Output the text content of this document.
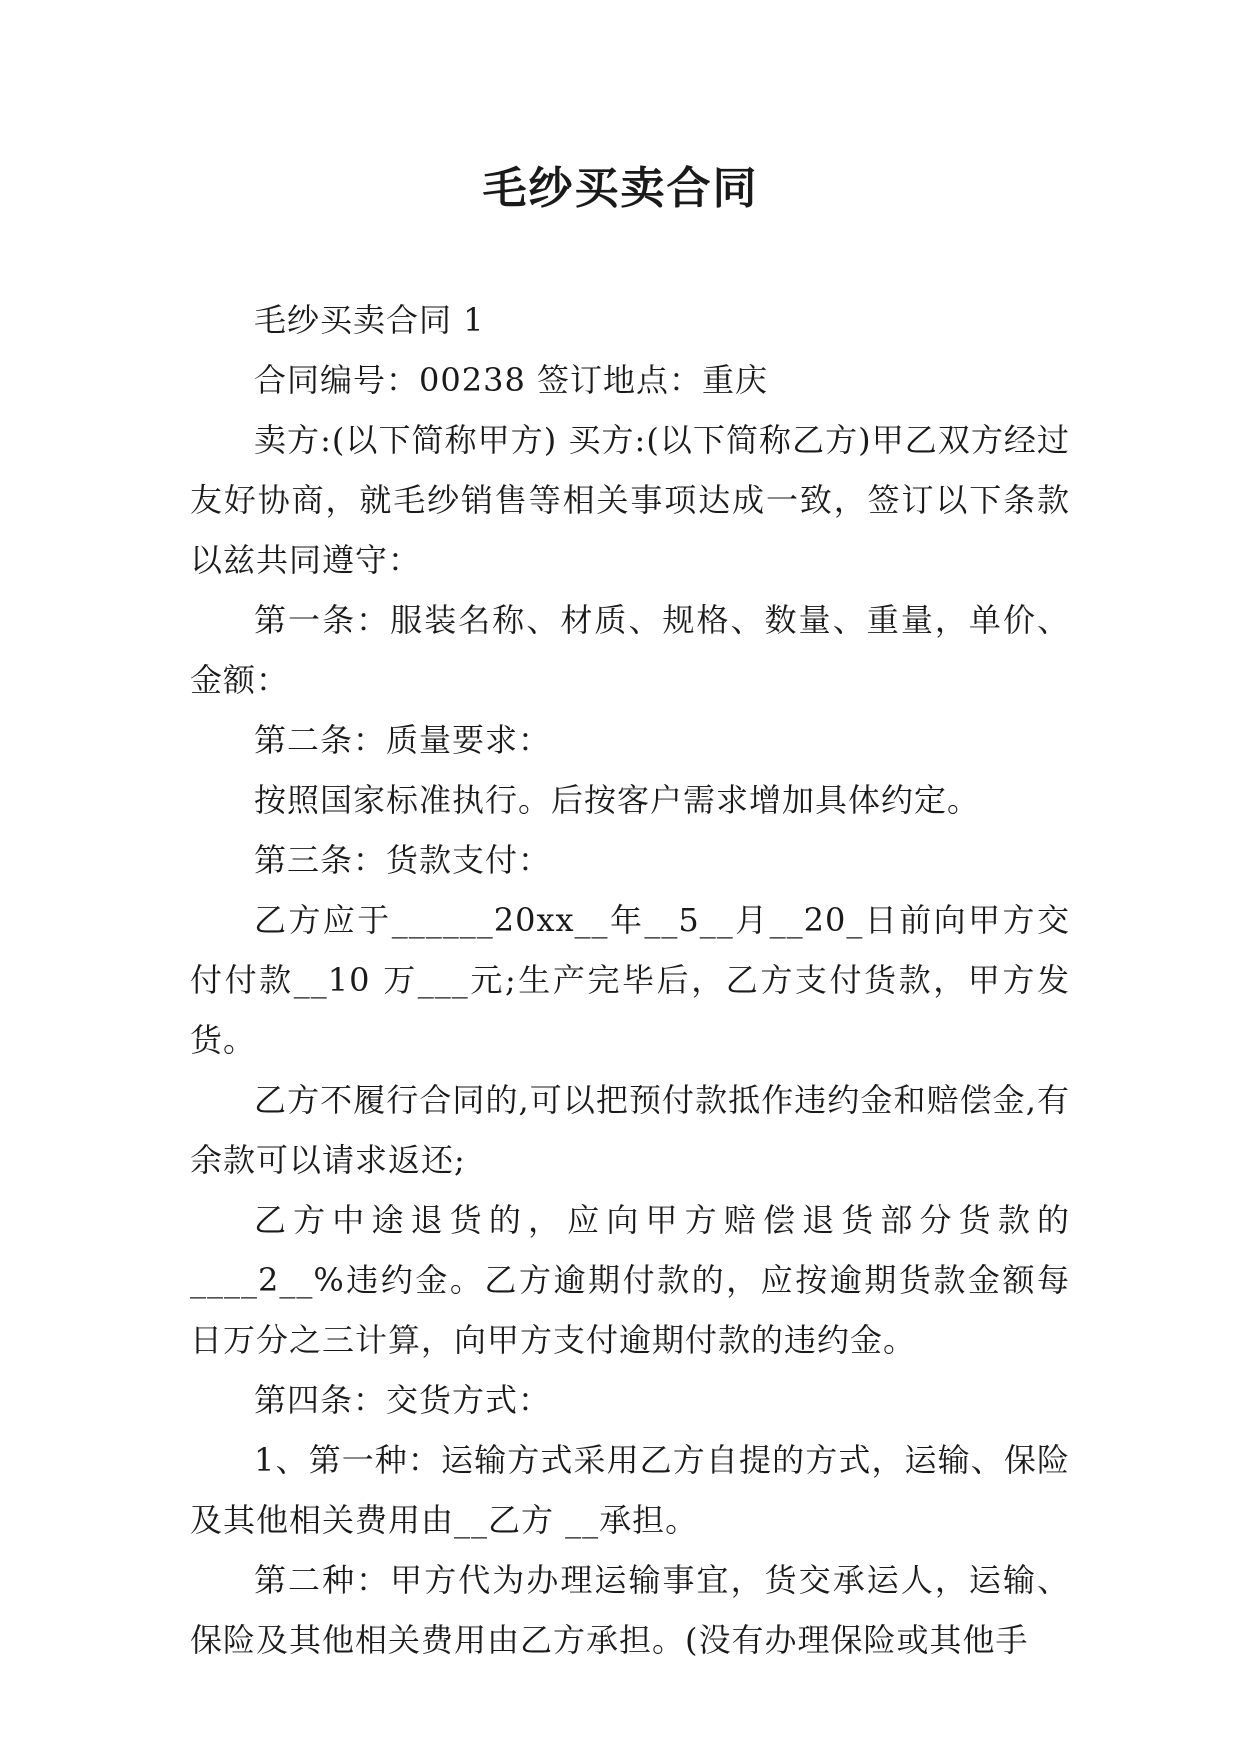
毛纱买卖合同

毛纱买卖合同 1

合同编号：00238 签订地点：重庆

卖方:(以下简称甲方) 买方:(以下简称乙方)甲乙双方经过友好协商，就毛纱销售等相关事项达成一致，签订以下条款以兹共同遵守：

第一条：服装名称、材质、规格、数量、重量，单价、金额：

第二条：质量要求：

按照国家标准执行。后按客户需求增加具体约定。

第三条：货款支付：

乙方应于______20xx__年__5__月__20_日前向甲方交付付款__10 万___元;生产完毕后，乙方支付货款，甲方发货。

乙方不履行合同的,可以把预付款抵作违约金和赔偿金,有余款可以请求返还;

乙方中途退货的，应向甲方赔偿退货部分货款的____2__%违约金。乙方逾期付款的，应按逾期货款金额每日万分之三计算，向甲方支付逾期付款的违约金。

第四条：交货方式：

1、第一种：运输方式采用乙方自提的方式，运输、保险及其他相关费用由__乙方 __承担。

第二种：甲方代为办理运输事宜，货交承运人，运输、保险及其他相关费用由乙方承担。(没有办理保险或其他手
